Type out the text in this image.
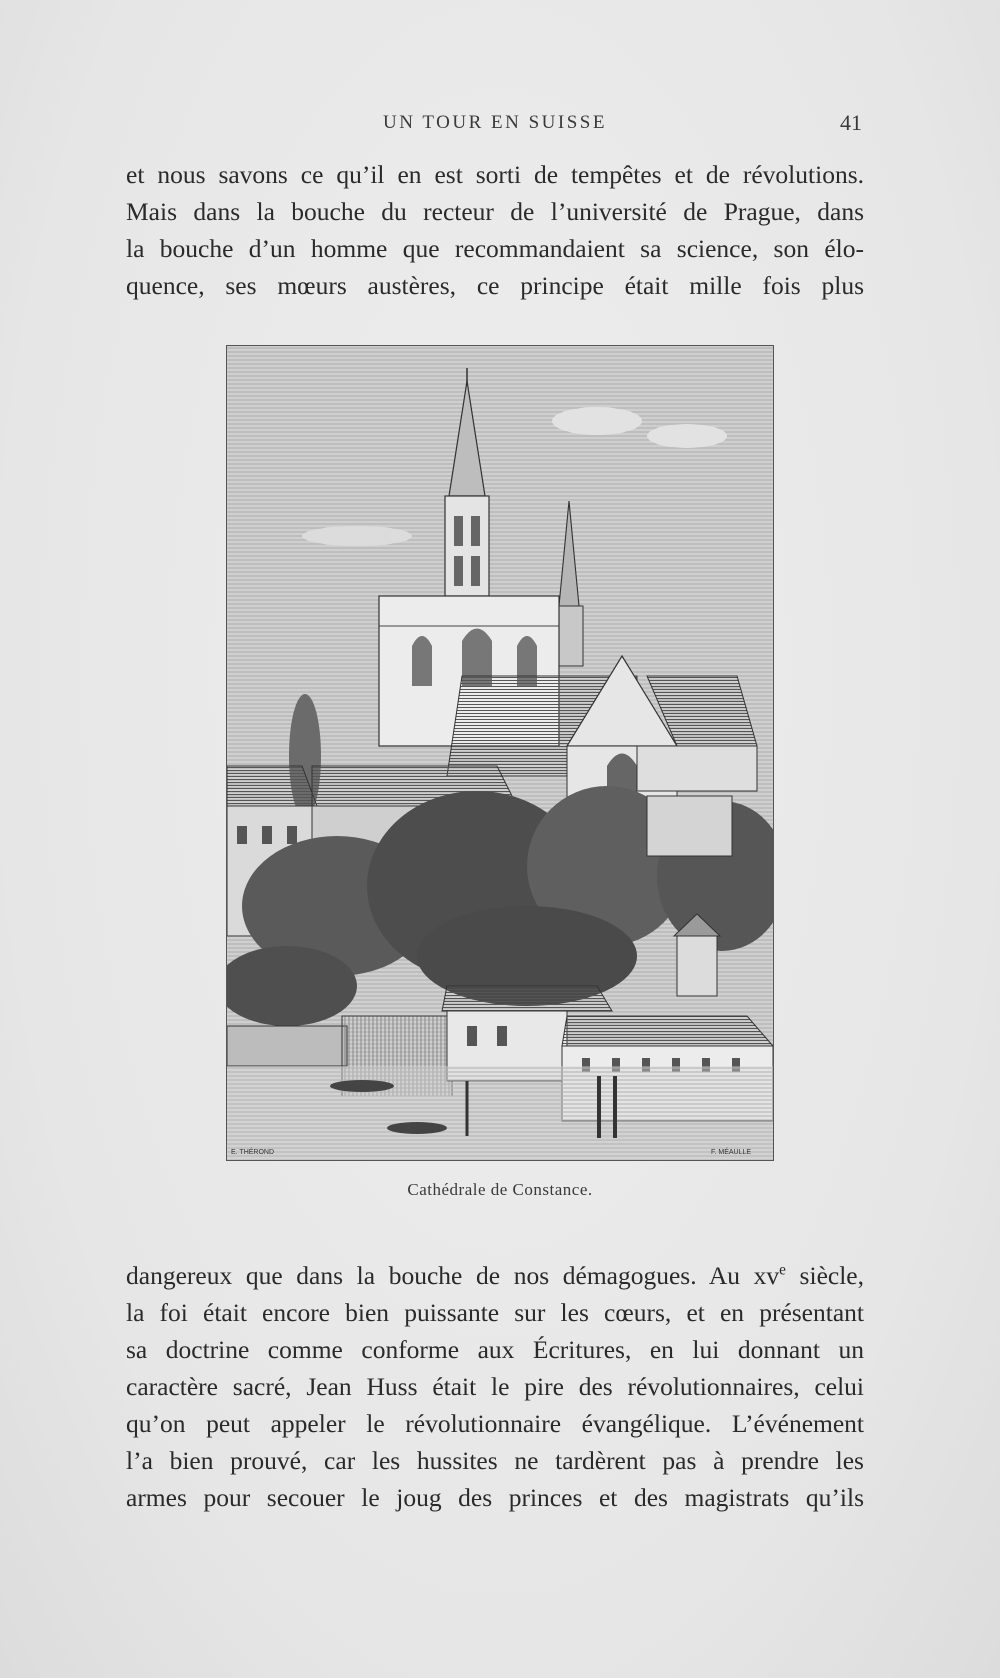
UN TOUR EN SUISSE	41
et nous savons ce qu’il en est sorti de tempêtes et de révolutions.
Mais dans la bouche du recteur de l’université de Prague, dans
la bouche d’un homme que recommandaient sa science, son élo-
quence, ses mœurs austères, ce principe était mille fois plus
E. THÉROND	F. MÉAULLE
Cathédrale de Constance.
dangereux que dans la bouche de nos démagogues. Au $xv^e$ siècle,
la foi était encore bien puissante sur les cœurs, et en présentant
sa doctrine comme conforme aux Écritures, en lui donnant un
caractère sacré, Jean Huss était le pire des révolutionnaires, celui
qu’on peut appeler le révolutionnaire évangélique. L’événement
l’a bien prouvé, car les hussites ne tardèrent pas à prendre les
armes pour secouer le joug des princes et des magistrats qu’ils
